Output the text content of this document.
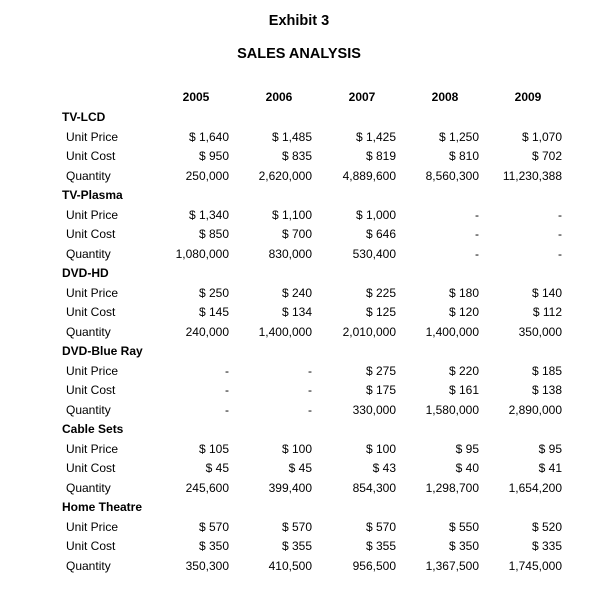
Exhibit 3
SALES ANALYSIS
2005	2006	2007	2008	2009
TV-LCD
Unit Price	$ 1,640	$ 1,485	$ 1,425	$ 1,250	$ 1,070
Unit Cost	$ 950	$ 835	$ 819	$ 810	$ 702
Quantity	250,000	2,620,000	4,889,600	8,560,300	11,230,388
TV-Plasma
Unit Price	$ 1,340	$ 1,100	$ 1,000	-	-
Unit Cost	$ 850	$ 700	$ 646	-	-
Quantity	1,080,000	830,000	530,400	-	-
DVD-HD
Unit Price	$ 250	$ 240	$ 225	$ 180	$ 140
Unit Cost	$ 145	$ 134	$ 125	$ 120	$ 112
Quantity	240,000	1,400,000	2,010,000	1,400,000	350,000
DVD-Blue Ray
Unit Price	-	-	$ 275	$ 220	$ 185
Unit Cost	-	-	$ 175	$ 161	$ 138
Quantity	-	-	330,000	1,580,000	2,890,000
Cable Sets
Unit Price	$ 105	$ 100	$ 100	$ 95	$ 95
Unit Cost	$ 45	$ 45	$ 43	$ 40	$ 41
Quantity	245,600	399,400	854,300	1,298,700	1,654,200
Home Theatre
Unit Price	$ 570	$ 570	$ 570	$ 550	$ 520
Unit Cost	$ 350	$ 355	$ 355	$ 350	$ 335
Quantity	350,300	410,500	956,500	1,367,500	1,745,000
